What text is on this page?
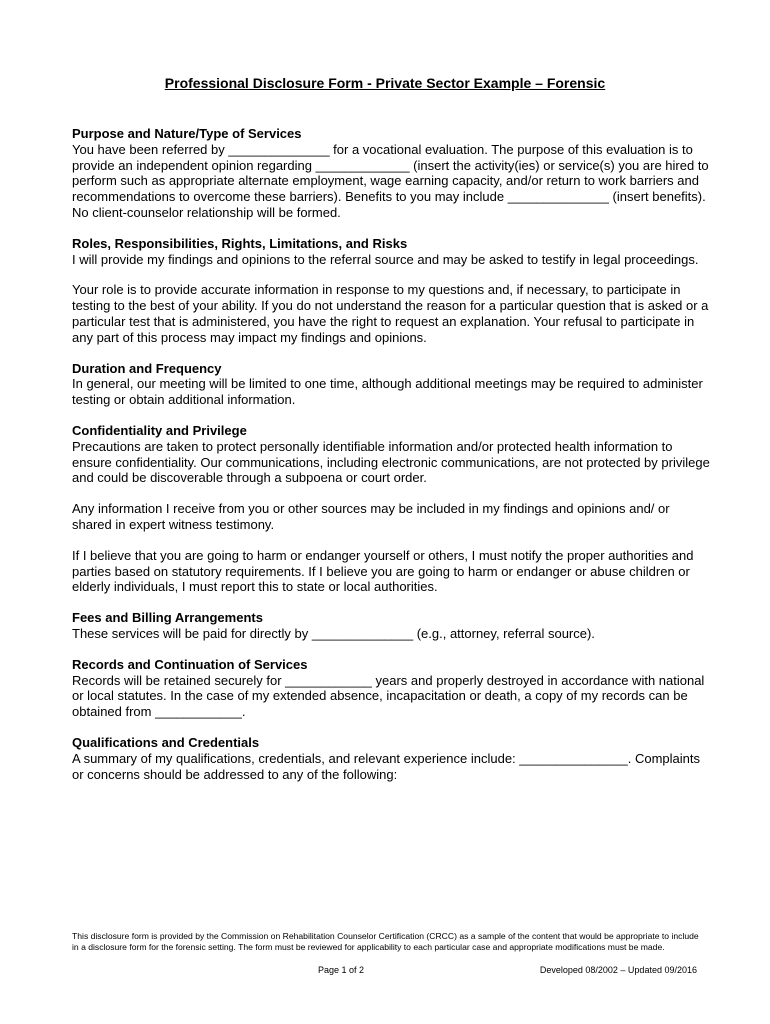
Professional Disclosure Form - Private Sector Example – Forensic
Purpose and Nature/Type of Services

You have been referred by ______________ for a vocational evaluation. The purpose of this evaluation is to provide an independent opinion regarding _____________ (insert the activity(ies) or service(s) you are hired to perform such as appropriate alternate employment, wage earning capacity, and/or return to work barriers and recommendations to overcome these barriers). Benefits to you may include ______________ (insert benefits). No client-counselor relationship will be formed.

Roles, Responsibilities, Rights, Limitations, and Risks

I will provide my findings and opinions to the referral source and may be asked to testify in legal proceedings.

Your role is to provide accurate information in response to my questions and, if necessary, to participate in testing to the best of your ability. If you do not understand the reason for a particular question that is asked or a particular test that is administered, you have the right to request an explanation. Your refusal to participate in any part of this process may impact my findings and opinions.

Duration and Frequency

In general, our meeting will be limited to one time, although additional meetings may be required to administer testing or obtain additional information.

Confidentiality and Privilege

Precautions are taken to protect personally identifiable information and/or protected health information to ensure confidentiality. Our communications, including electronic communications, are not protected by privilege and could be discoverable through a subpoena or court order.

Any information I receive from you or other sources may be included in my findings and opinions and/ or shared in expert witness testimony.

If I believe that you are going to harm or endanger yourself or others, I must notify the proper authorities and parties based on statutory requirements. If I believe you are going to harm or endanger or abuse children or elderly individuals, I must report this to state or local authorities.

Fees and Billing Arrangements

These services will be paid for directly by ______________ (e.g., attorney, referral source).

Records and Continuation of Services

Records will be retained securely for ____________ years and properly destroyed in accordance with national or local statutes. In the case of my extended absence, incapacitation or death, a copy of my records can be obtained from ____________.

Qualifications and Credentials

A summary of my qualifications, credentials, and relevant experience include: _______________. Complaints or concerns should be addressed to any of the following:

This disclosure form is provided by the Commission on Rehabilitation Counselor Certification (CRCC) as a sample of the content that would be appropriate to include in a disclosure form for the forensic setting. The form must be reviewed for applicability to each particular case and appropriate modifications must be made.
Page 1 of 2	Developed 08/2002 – Updated 09/2016
